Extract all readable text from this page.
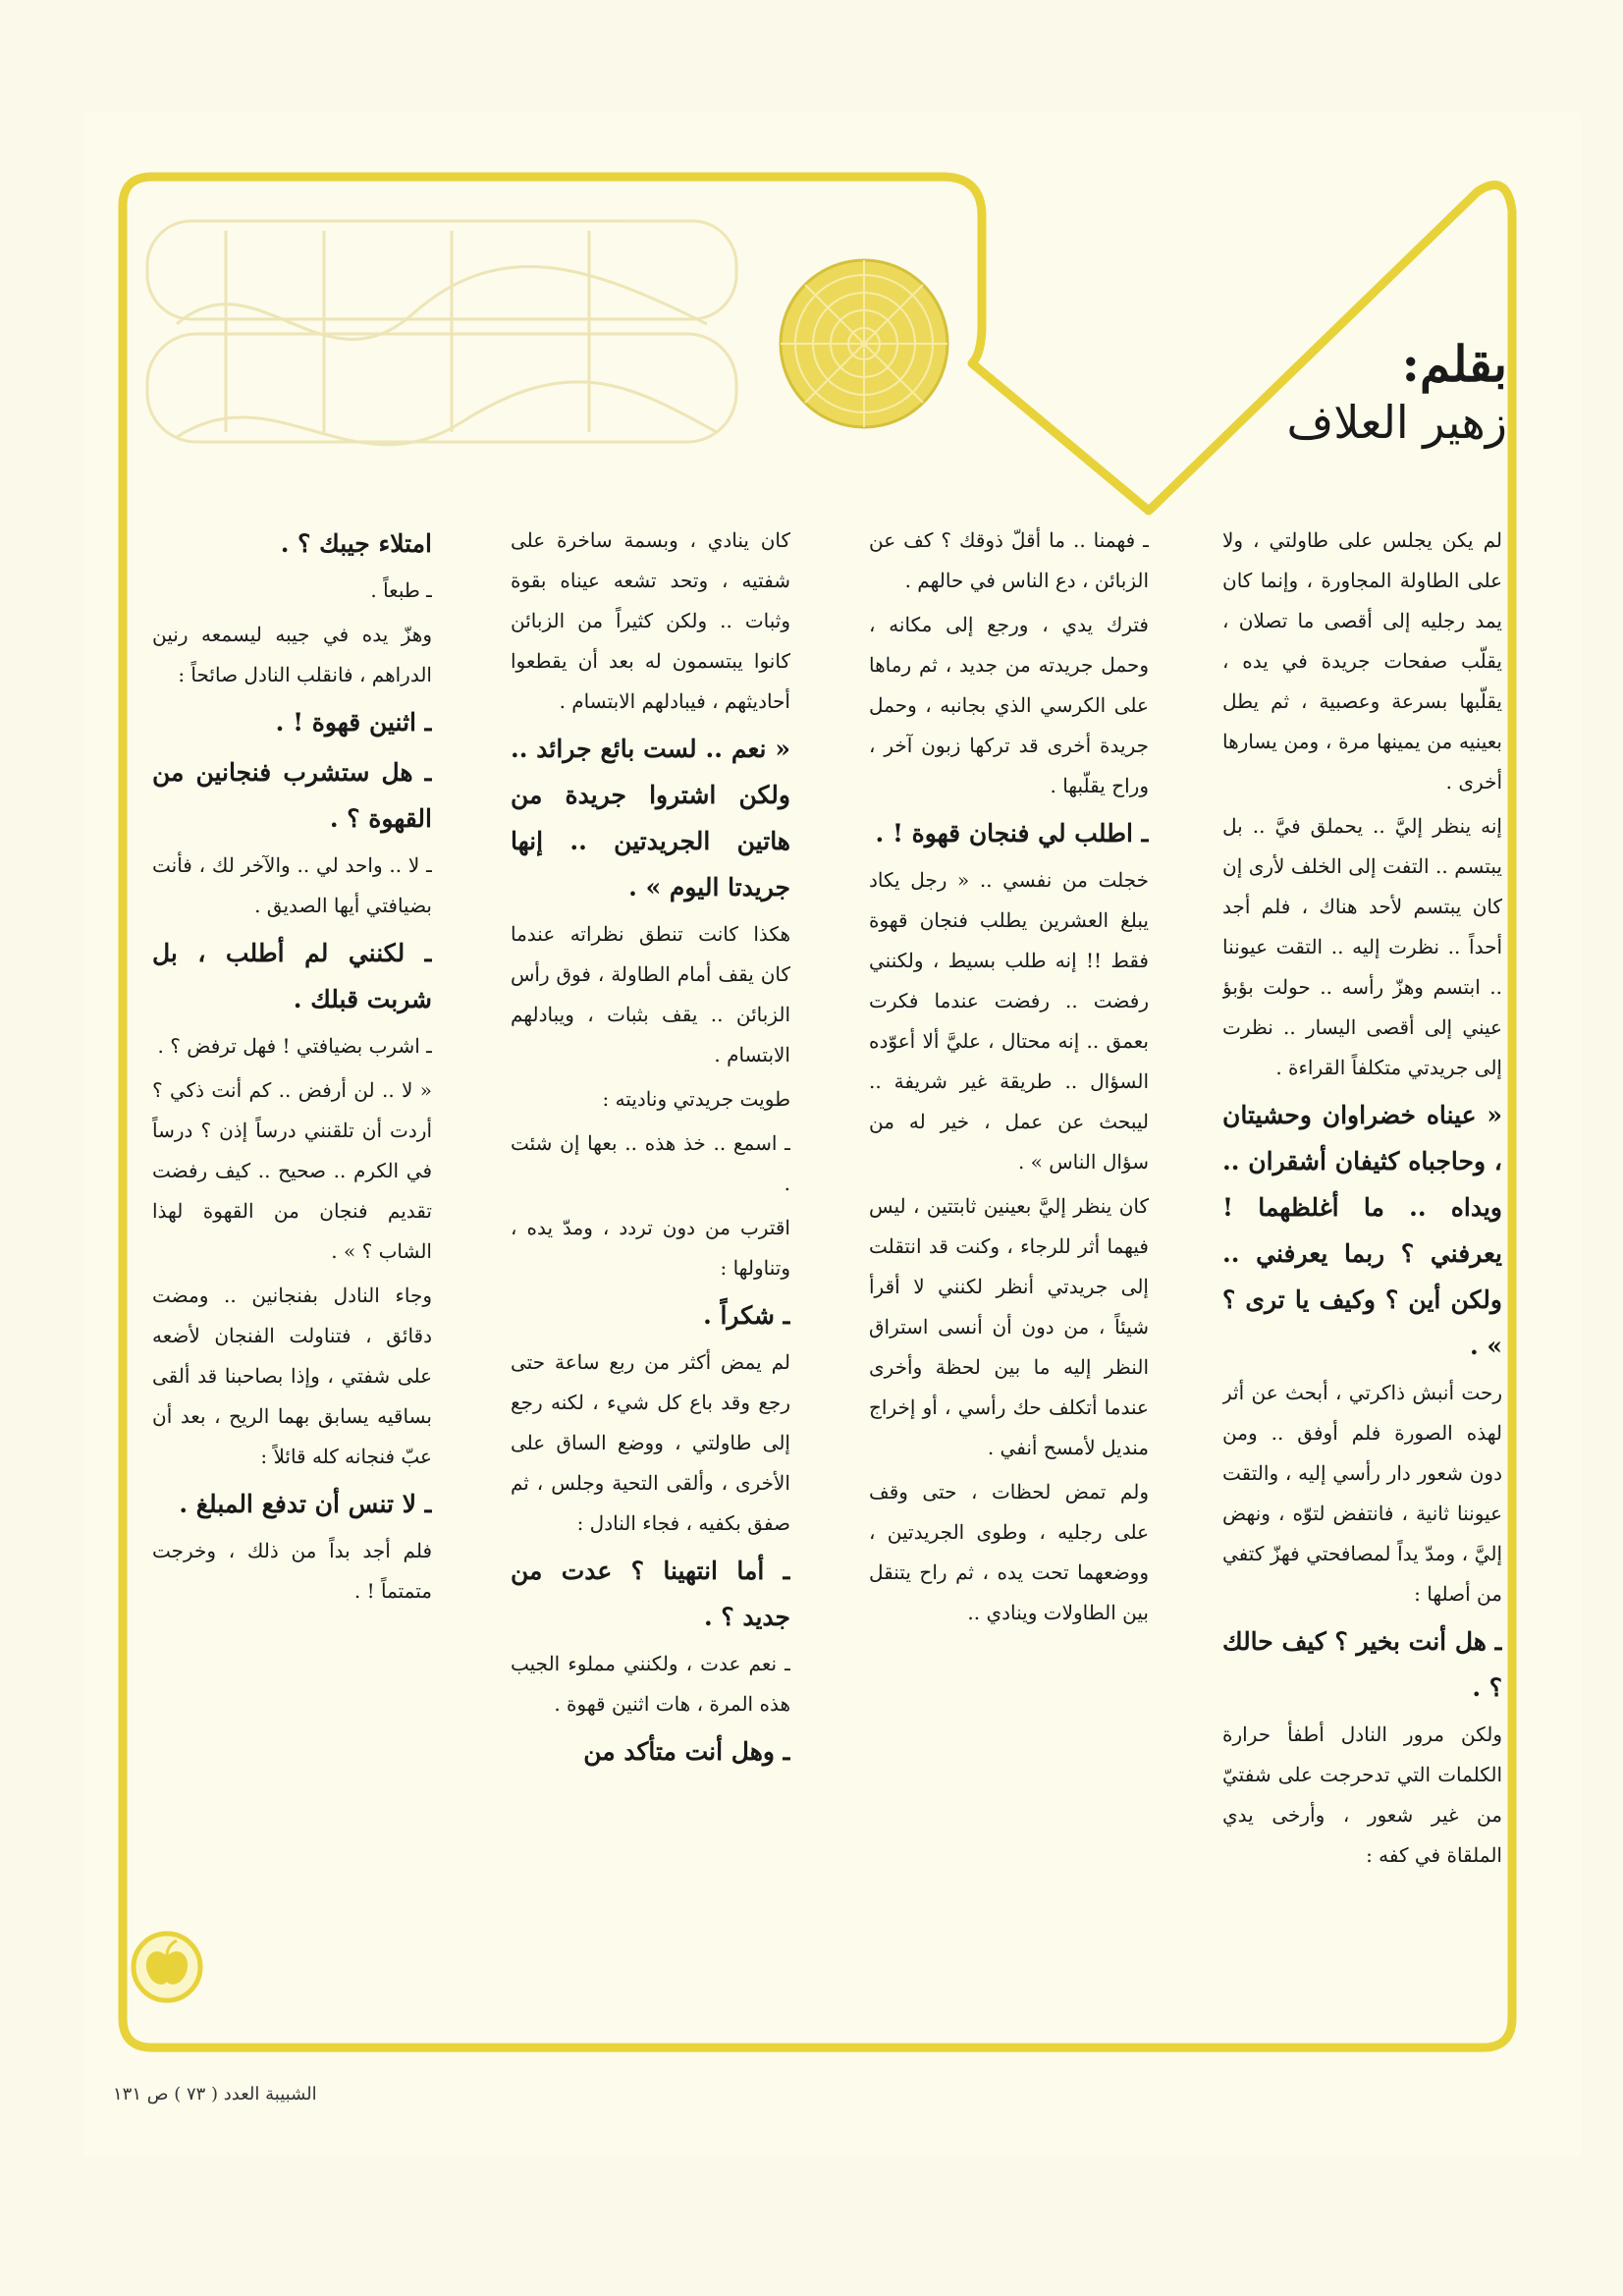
بقلم:
زهير العلاف

لم يكن يجلس على طاولتي ، ولا على الطاولة المجاورة ، وإنما كان يمد رجليه إلى أقصى ما تصلان ، يقلّب صفحات جريدة في يده ، يقلّبها بسرعة وعصبية ، ثم يطل بعينيه من يمينها مرة ، ومن يسارها أخرى .

إنه ينظر إليَّ .. يحملق فيَّ .. بل يبتسم .. التفت إلى الخلف لأرى إن كان يبتسم لأحد هناك ، فلم أجد أحداً .. نظرت إليه .. التقت عيوننا .. ابتسم وهزّ رأسه .. حولت بؤبؤ عيني إلى أقصى اليسار .. نظرت إلى جريدتي متكلفاً القراءة .

« عيناه خضراوان وحشيتان ، وحاجباه كثيفان أشقران .. ويداه .. ما أغلظهما ! يعرفني ؟ ربما يعرفني .. ولكن أين ؟ وكيف يا ترى ؟ » .

رحت أنبش ذاكرتي ، أبحث عن أثر لهذه الصورة فلم أوفق .. ومن دون شعور دار رأسي إليه ، والتقت عيوننا ثانية ، فانتفض لتوّه ، ونهض إليَّ ، ومدّ يداً لمصافحتي فهزّ كتفي من أصلها :

ـ هل أنت بخير ؟ كيف حالك ؟ .

ولكن مرور النادل أطفأ حرارة الكلمات التي تدحرجت على شفتيّ من غير شعور ، وأرخى يدي الملقاة في كفه :

ـ فهمنا .. ما أقلّ ذوقك ؟ كف عن الزبائن ، دع الناس في حالهم .

فترك يدي ، ورجع إلى مكانه ، وحمل جريدته من جديد ، ثم رماها على الكرسي الذي بجانبه ، وحمل جريدة أخرى قد تركها زبون آخر ، وراح يقلّبها .

ـ اطلب لي فنجان قهوة ! .

خجلت من نفسي .. « رجل يكاد يبلغ العشرين يطلب فنجان قهوة فقط !! إنه طلب بسيط ، ولكنني رفضت .. رفضت عندما فكرت بعمق .. إنه محتال ، عليَّ ألا أعوّده السؤال .. طريقة غير شريفة .. ليبحث عن عمل ، خير له من سؤال الناس » .

كان ينظر إليَّ بعينين ثابتتين ، ليس فيهما أثر للرجاء ، وكنت قد انتقلت إلى جريدتي أنظر لكنني لا أقرأ شيئاً ، من دون أن أنسى استراق النظر إليه ما بين لحظة وأخرى عندما أتكلف حك رأسي ، أو إخراج منديل لأمسح أنفي .

ولم تمض لحظات ، حتى وقف على رجليه ، وطوى الجريدتين ، ووضعهما تحت يده ، ثم راح يتنقل بين الطاولات وينادي ..

كان ينادي ، وبسمة ساخرة على شفتيه ، وتحد تشعه عيناه بقوة وثبات .. ولكن كثيراً من الزبائن كانوا يبتسمون له بعد أن يقطعوا أحاديثهم ، فيبادلهم الابتسام .

« نعم .. لست بائع جرائد .. ولكن اشتروا جريدة من هاتين الجريدتين .. إنها جريدتا اليوم » .

هكذا كانت تنطق نظراته عندما كان يقف أمام الطاولة ، فوق رأس الزبائن .. يقف بثبات ، ويبادلهم الابتسام .

طويت جريدتي وناديته :

ـ اسمع .. خذ هذه .. بعها إن شئت .

اقترب من دون تردد ، ومدّ يده ، وتناولها :

ـ شكراً .

لم يمض أكثر من ربع ساعة حتى رجع وقد باع كل شيء ، لكنه رجع إلى طاولتي ، ووضع الساق على الأخرى ، وألقى التحية وجلس ، ثم صفق بكفيه ، فجاء النادل :

ـ أما انتهينا ؟ عدت من جديد ؟ .

ـ نعم عدت ، ولكنني مملوء الجيب هذه المرة ، هات اثنين قهوة .

ـ وهل أنت متأكد من

امتلاء جيبك ؟ .

ـ طبعاً .

وهزّ يده في جيبه ليسمعه رنين الدراهم ، فانقلب النادل صائحاً :

ـ اثنين قهوة ! .

ـ هل ستشرب فنجانين من القهوة ؟ .

ـ لا .. واحد لي .. والآخر لك ، فأنت بضيافتي أيها الصديق .

ـ لكنني لم أطلب ، بل شربت قبلك .

ـ اشرب بضيافتي ! فهل ترفض ؟ .

« لا .. لن أرفض .. كم أنت ذكي ؟ أردت أن تلقنني درساً إذن ؟ درساً في الكرم .. صحيح .. كيف رفضت تقديم فنجان من القهوة لهذا الشاب ؟ » .

وجاء النادل بفنجانين .. ومضت دقائق ، فتناولت الفنجان لأضعه على شفتي ، وإذا بصاحبنا قد ألقى بساقيه يسابق بهما الريح ، بعد أن عبّ فنجانه كله قائلاً :

ـ لا تنس أن تدفع المبلغ .

فلم أجد بداً من ذلك ، وخرجت متمتماً ! .

الشبيبة العدد ( ٧٣ ) ص ١٣١
